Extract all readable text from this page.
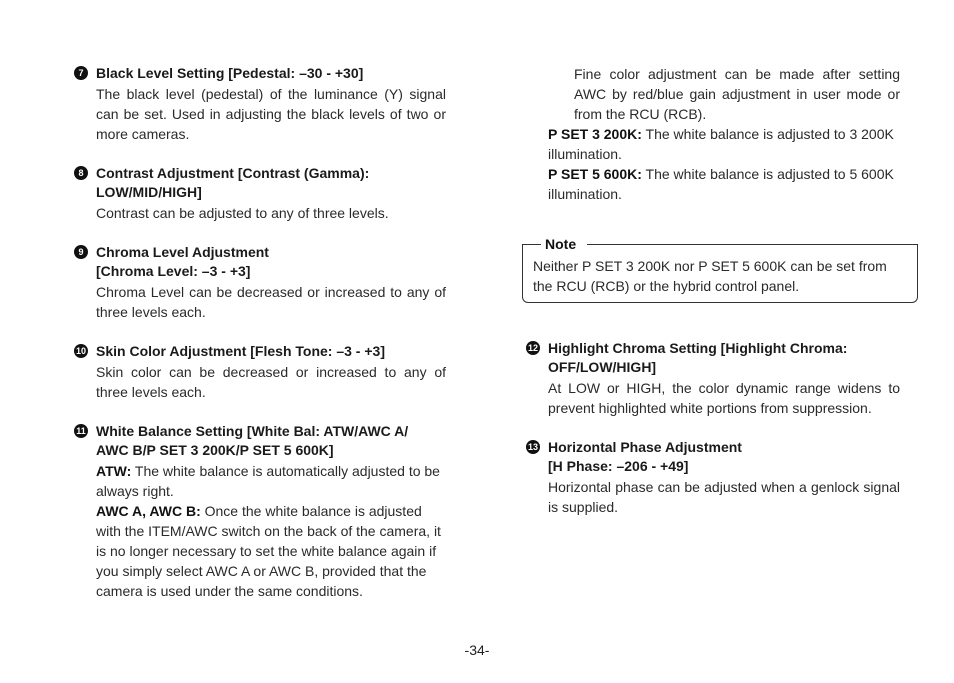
7 Black Level Setting [Pedestal: –30 - +30]
The black level (pedestal) of the luminance (Y) signal can be set. Used in adjusting the black levels of two or more cameras.
8 Contrast Adjustment [Contrast (Gamma):
LOW/MID/HIGH]
Contrast can be adjusted to any of three levels.
9 Chroma Level Adjustment
[Chroma Level: –3 - +3]
Chroma Level can be decreased or increased to any of three levels each.
10 Skin Color Adjustment [Flesh Tone: –3 - +3]
Skin color can be decreased or increased to any of three levels each.
11 White Balance Setting [White Bal: ATW/AWC A/
AWC B/P SET 3 200K/P SET 5 600K]
ATW: The white balance is automatically adjusted to be always right.
AWC A, AWC B: Once the white balance is adjusted with the ITEM/AWC switch on the back of the camera, it is no longer necessary to set the white balance again if you simply select AWC A or AWC B, provided that the camera is used under the same conditions.
Fine color adjustment can be made after setting AWC by red/blue gain adjustment in user mode or from the RCU (RCB).
P SET 3 200K: The white balance is adjusted to 3 200K illumination.
P SET 5 600K: The white balance is adjusted to 5 600K illumination.
Note
Neither P SET 3 200K nor P SET 5 600K can be set from the RCU (RCB) or the hybrid control panel.
12 Highlight Chroma Setting [Highlight Chroma:
OFF/LOW/HIGH]
At LOW or HIGH, the color dynamic range widens to prevent highlighted white portions from suppression.
13 Horizontal Phase Adjustment
[H Phase: –206 - +49]
Horizontal phase can be adjusted when a genlock signal is supplied.
-34-
